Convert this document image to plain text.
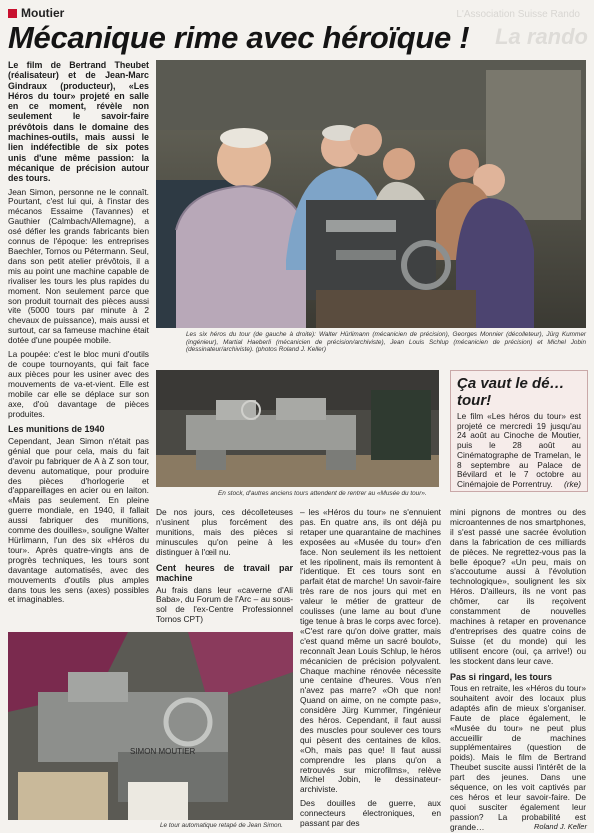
Moutier	L'Association Suisse Rando
La rando
Mécanique rime avec héroïque !

Le film de Bertrand Theubet (réalisateur) et de Jean-Marc Gindraux (producteur), «Les Héros du tour» projeté en salle en ce moment, révèle non seulement le savoir-faire prévôtois dans le domaine des machines-outils, mais aussi le lien indéfectible de six potes unis d'une même passion: la mécanique de précision autour des tours.

Jean Simon, personne ne le connaît. Pourtant, c'est lui qui, à l'instar des mécanos Essaime (Tavannes) et Gauthier (Calmbach/Allemagne), a osé défier les grands fabricants bien connus de l'époque: les entreprises Baechler, Tornos ou Pétermann. Seul, dans son petit atelier prévôtois, il a mis au point une machine capable de rivaliser les tours les plus rapides du moment. Non seulement parce que son produit tournait des pièces aussi vite (5000 tours par minute à 2 chevaux de puissance), mais aussi et surtout, car sa fameuse machine était dotée d'une poupée mobile.

La poupée: c'est le bloc muni d'outils de coupe tournoyants, qui fait face aux pièces pour les usiner avec des mouvements de va-et-vient. Elle est mobile car elle se déplace sur son axe, d'où davantage de pièces produites.

Les munitions de 1940

Cependant, Jean Simon n'était pas génial que pour cela, mais du fait d'avoir pu fabriquer de A à Z son tour, devenu automatique, pour produire des pièces d'horlogerie et d'appareillages en acier ou en laiton. «Mais pas seulement. En pleine guerre mondiale, en 1940, il fallait aussi fabriquer des munitions, comme des douilles», souligne Walter Hürlimann, l'un des six «Héros du tour». Après quatre-vingts ans de progrès techniques, les tours sont davantage automatisés, avec des mouvements d'outils plus amples dans tous les sens (axes) possibles et imaginables.

Les six héros du tour (de gauche à droite): Walter Hürlimann (mécanicien de précision), Georges Monnier (décolleteur), Jürg Kummer (ingénieur), Martial Haeberli (mécanicien de précision/archiviste), Jean Louis Schlup (mécanicien de précision) et Michel Jobin (dessinateur/archiviste). (photos Roland J. Keller)
En stock, d'autres anciens tours attendent de rentrer au «Musée du tour».
Ça vaut le dé… tour!
Le film «Les héros du tour» est projeté ce mercredi 19 jusqu'au 24 août au Cinoche de Moutier, puis le 28 août au Cinématographe de Tramelan, le 8 septembre au Palace de Bévilard et le 7 octobre au Cinémajoie de Porrentruy. (rke)

De nos jours, ces décolleteuses n'usinent plus forcément des munitions, mais des pièces si minuscules qu'on peine à les distinguer à l'œil nu.

Cent heures de travail par machine

Au frais dans leur «caverne d'Ali Baba», du Forum de l'Arc – au sous-sol de l'ex-Centre Professionnel Tornos CPT)

– les «Héros du tour» ne s'ennuient pas. En quatre ans, ils ont déjà pu retaper une quarantaine de machines exposées au «Musée du tour» d'en face. Non seulement ils les nettoient et les ripolinent, mais ils remontent à l'identique. Et ces tours sont en parfait état de marche! Un savoir-faire très rare de nos jours qui met en valeur le métier de gratteur de coulisses (une lame au bout d'une tige tenue à bras le corps avec force). «C'est rare qu'on doive gratter, mais c'est quand même un sacré boulot», reconnaît Jean Louis Schlup, le héros mécanicien de précision polyvalent. Chaque machine rénovée nécessite une centaine d'heures. Vous n'en n'avez pas marre? «Oh que non! Quand on aime, on ne compte pas», considère Jürg Kummer, l'ingénieur des héros. Cependant, il faut aussi des muscles pour soulever ces tours qui pèsent des centaines de kilos. «Oh, mais pas que! Il faut aussi comprendre les plans qu'on a retrouvés sur microfilms», relève Michel Jobin, le dessinateur-archiviste.

Des douilles de guerre, aux connecteurs électroniques, en passant par des

mini pignons de montres ou des microantennes de nos smartphones, il s'est passé une sacrée évolution dans la fabrication de ces milliards de pièces. Ne regrettez-vous pas la belle époque? «Un peu, mais on s'accoutume aussi à l'évolution technologique», soulignent les six Héros. D'ailleurs, ils ne vont pas chômer, car ils reçoivent constamment de nouvelles machines à retaper en provenance d'entreprises des quatre coins de Suisse (et du monde) qui les utilisent encore (oui, ça arrive!) ou les stockent dans leur cave.

Pas si ringard, les tours

Tous en retraite, les «Héros du tour» souhaitent avoir des locaux plus adaptés afin de mieux s'organiser. Faute de place également, le «Musée du tour» ne peut plus accueillir de machines supplémentaires (question de poids). Mais le film de Bertrand Theubet suscite aussi l'intérêt de la part des jeunes. Dans une séquence, on les voit captivés par ces héros et leur savoir-faire. De quoi susciter également leur passion? La probabilité est grande…	Roland J. Keller
SIMON MOUTIER
Le tour automatique retapé de Jean Simon.
